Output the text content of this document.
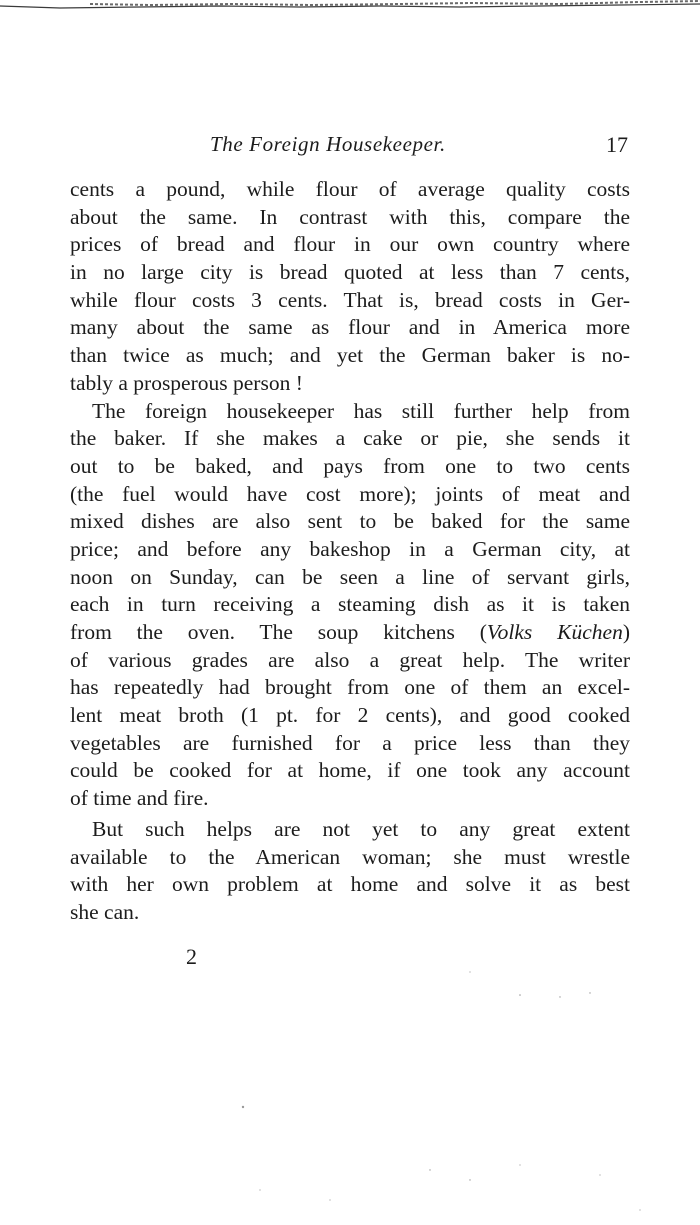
The Foreign Housekeeper.	17
cents a pound, while flour of average quality costs
about the same. In contrast with this, compare the
prices of bread and flour in our own country where
in no large city is bread quoted at less than 7 cents,
while flour costs 3 cents. That is, bread costs in Ger-
many about the same as flour and in America more
than twice as much; and yet the German baker is no-
tably a prosperous person !
The foreign housekeeper has still further help from
the baker. If she makes a cake or pie, she sends it
out to be baked, and pays from one to two cents
(the fuel would have cost more); joints of meat and
mixed dishes are also sent to be baked for the same
price; and before any bakeshop in a German city, at
noon on Sunday, can be seen a line of servant girls,
each in turn receiving a steaming dish as it is taken
from the oven. The soup kitchens (Volks Küchen)
of various grades are also a great help. The writer
has repeatedly had brought from one of them an excel-
lent meat broth (1 pt. for 2 cents), and good cooked
vegetables are furnished for a price less than they
could be cooked for at home, if one took any account
of time and fire.
But such helps are not yet to any great extent
available to the American woman; she must wrestle
with her own problem at home and solve it as best
she can.
2
